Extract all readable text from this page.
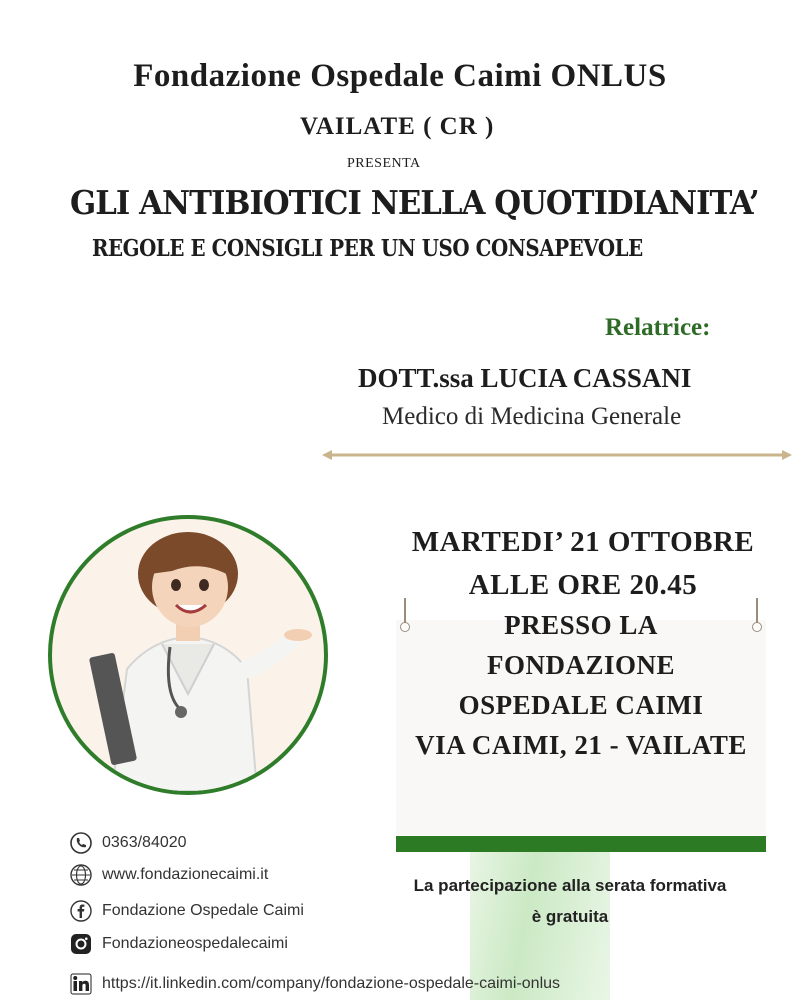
Fondazione Ospedale Caimi ONLUS
VAILATE ( CR )
PRESENTA
GLI ANTIBIOTICI NELLA QUOTIDIANITA’
REGOLE E CONSIGLI PER UN USO CONSAPEVOLE
Relatrice:
DOTT.ssa LUCIA CASSANI
Medico di Medicina Generale
MARTEDI’ 21 OTTOBRE
ALLE ORE 20.45
PRESSO LA
FONDAZIONE
OSPEDALE CAIMI
VIA CAIMI, 21 - VAILATE
La partecipazione alla serata formativa
è gratuita
0363/84020
www.fondazionecaimi.it
Fondazione Ospedale Caimi
Fondazioneospedalecaimi
https://it.linkedin.com/company/fondazione-ospedale-caimi-onlus
